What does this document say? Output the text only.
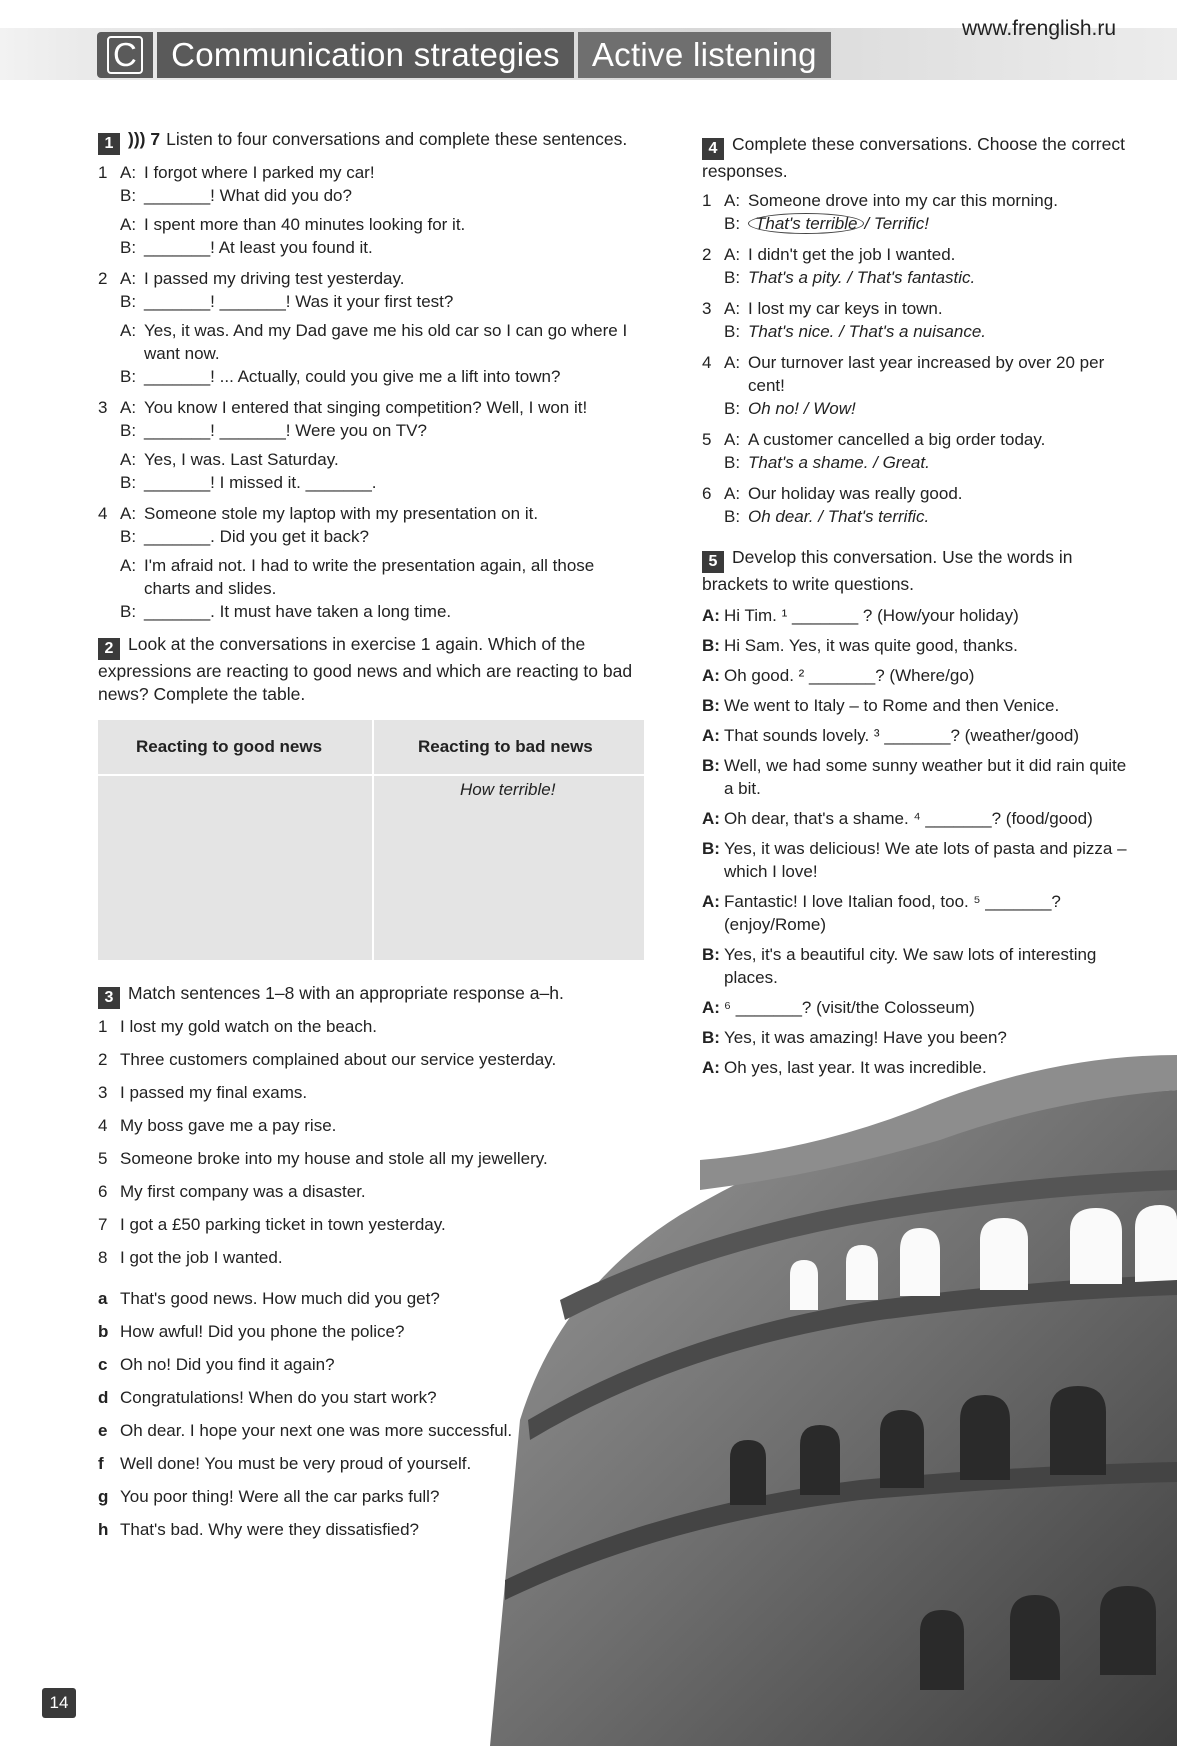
C	Communication strategies Active listening
www.frenglish.ru
1 ))) 7 Listen to four conversations and complete these sentences.
1 A: I forgot where I parked my car!
B: _______! What did you do?
A: I spent more than 40 minutes looking for it.
B: _______! At least you found it.
2 A: I passed my driving test yesterday.
B: _______! _______! Was it your first test?
A: Yes, it was. And my Dad gave me his old car so I can go where I want now.
B: _______! ... Actually, could you give me a lift into town?
3 A: You know I entered that singing competition? Well, I won it!
B: _______! _______! Were you on TV?
A: Yes, I was. Last Saturday.
B: _______! I missed it. _______.
4 A: Someone stole my laptop with my presentation on it.
B: _______. Did you get it back?
A: I'm afraid not. I had to write the presentation again, all those charts and slides.
B: _______. It must have taken a long time.
2 Look at the conversations in exercise 1 again. Which of the expressions are reacting to good news and which are reacting to bad news? Complete the table.
Reacting to good news	Reacting to bad news
How terrible!
3 Match sentences 1–8 with an appropriate response a–h.
1 I lost my gold watch on the beach.
2 Three customers complained about our service yesterday.
3 I passed my final exams.
4 My boss gave me a pay rise.
5 Someone broke into my house and stole all my jewellery.
6 My first company was a disaster.
7 I got a £50 parking ticket in town yesterday.
8 I got the job I wanted.
a That's good news. How much did you get?
b How awful! Did you phone the police?
c Oh no! Did you find it again?
d Congratulations! When do you start work?
e Oh dear. I hope your next one was more successful.
f Well done! You must be very proud of yourself.
g You poor thing! Were all the car parks full?
h That's bad. Why were they dissatisfied?
4 Complete these conversations. Choose the correct responses.
1 A: Someone drove into my car this morning.
B: That's terrible / Terrific!
2 A: I didn't get the job I wanted.
B: That's a pity. / That's fantastic.
3 A: I lost my car keys in town.
B: That's nice. / That's a nuisance.
4 A: Our turnover last year increased by over 20 per cent!
B: Oh no! / Wow!
5 A: A customer cancelled a big order today.
B: That's a shame. / Great.
6 A: Our holiday was really good.
B: Oh dear. / That's terrific.
5 Develop this conversation. Use the words in brackets to write questions.
A: Hi Tim. ¹ _______ ? (How/your holiday)
B: Hi Sam. Yes, it was quite good, thanks.
A: Oh good. ² _______? (Where/go)
B: We went to Italy – to Rome and then Venice.
A: That sounds lovely. ³ _______? (weather/good)
B: Well, we had some sunny weather but it did rain quite a bit.
A: Oh dear, that's a shame. ⁴ _______? (food/good)
B: Yes, it was delicious! We ate lots of pasta and pizza – which I love!
A: Fantastic! I love Italian food, too. ⁵ _______? (enjoy/Rome)
B: Yes, it's a beautiful city. We saw lots of interesting places.
A: ⁶ _______? (visit/the Colosseum)
B: Yes, it was amazing! Have you been?
A: Oh yes, last year. It was incredible.
14
